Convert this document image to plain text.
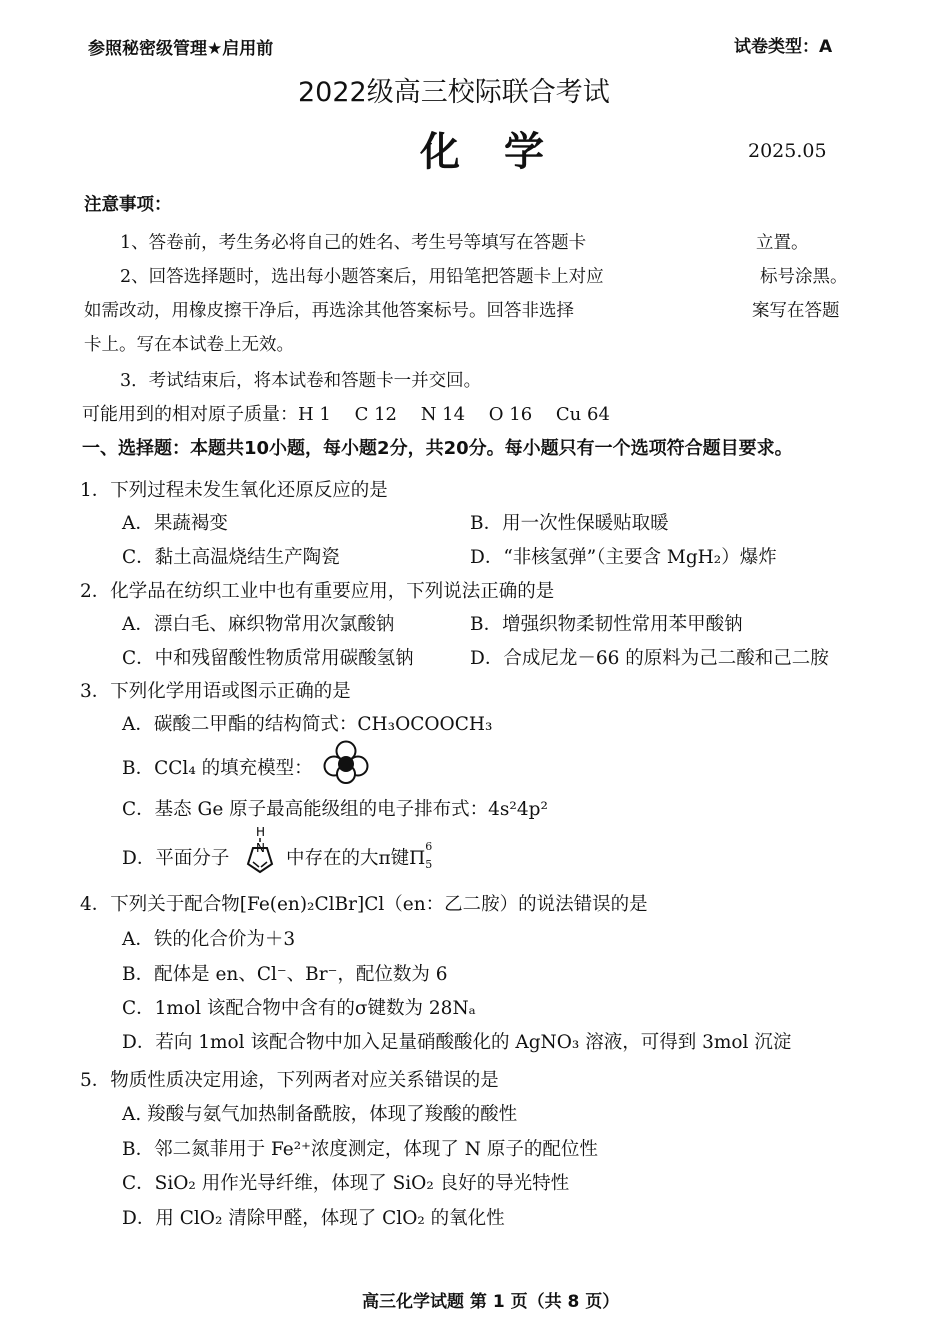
参照秘密级管理★启用前	试卷类型：A
2022级高三校际联合考试
化学	2025.05
注意事项：
1、答卷前，考生务必将自己的姓名、考生号等填写在答题卡	立置。
2、回答选择题时，选出每小题答案后，用铅笔把答题卡上对应	标号涂黑。
如需改动，用橡皮擦干净后，再选涂其他答案标号。回答非选择	案写在答题
卡上。写在本试卷上无效。
3．考试结束后，将本试卷和答题卡一并交回。
可能用到的相对原子质量：H 1　 C 12　 N 14　 O 16　 Cu 64
一、选择题：本题共10小题，每小题2分，共20分。每小题只有一个选项符合题目要求。
1．下列过程未发生氧化还原反应的是
A．果蔬褐变	B．用一次性保暖贴取暖
C．黏土高温烧结生产陶瓷	D．“非核氢弹”（主要含 MgH₂）爆炸
2．化学品在纺织工业中也有重要应用，下列说法正确的是
A．漂白毛、麻织物常用次氯酸钠	B．增强织物柔韧性常用苯甲酸钠
C．中和残留酸性物质常用碳酸氢钠	D．合成尼龙－66 的原料为己二酸和己二胺
3．下列化学用语或图示正确的是
A．碳酸二甲酯的结构简式：CH₃OCOOCH₃
B．CCl₄ 的填充模型：
C．基态 Ge 原子最高能级组的电子排布式：4s²4p²
D．平面分子
H
N 中存在的大π键Π
6
5
4．下列关于配合物[Fe(en)₂ClBr]Cl（en：乙二胺）的说法错误的是
A．铁的化合价为＋3
B．配体是 en、Cl⁻、Br⁻，配位数为 6
C．1mol 该配合物中含有的σ键数为 28Nₐ
D．若向 1mol 该配合物中加入足量硝酸酸化的 AgNO₃ 溶液，可得到 3mol 沉淀
5．物质性质决定用途，下列两者对应关系错误的是
A. 羧酸与氨气加热制备酰胺，体现了羧酸的酸性
B．邻二氮菲用于 Fe²⁺浓度测定，体现了 N 原子的配位性
C．SiO₂ 用作光导纤维，体现了 SiO₂ 良好的导光特性
D．用 ClO₂ 清除甲醛，体现了 ClO₂ 的氧化性
高三化学试题 第 1 页（共 8 页）
